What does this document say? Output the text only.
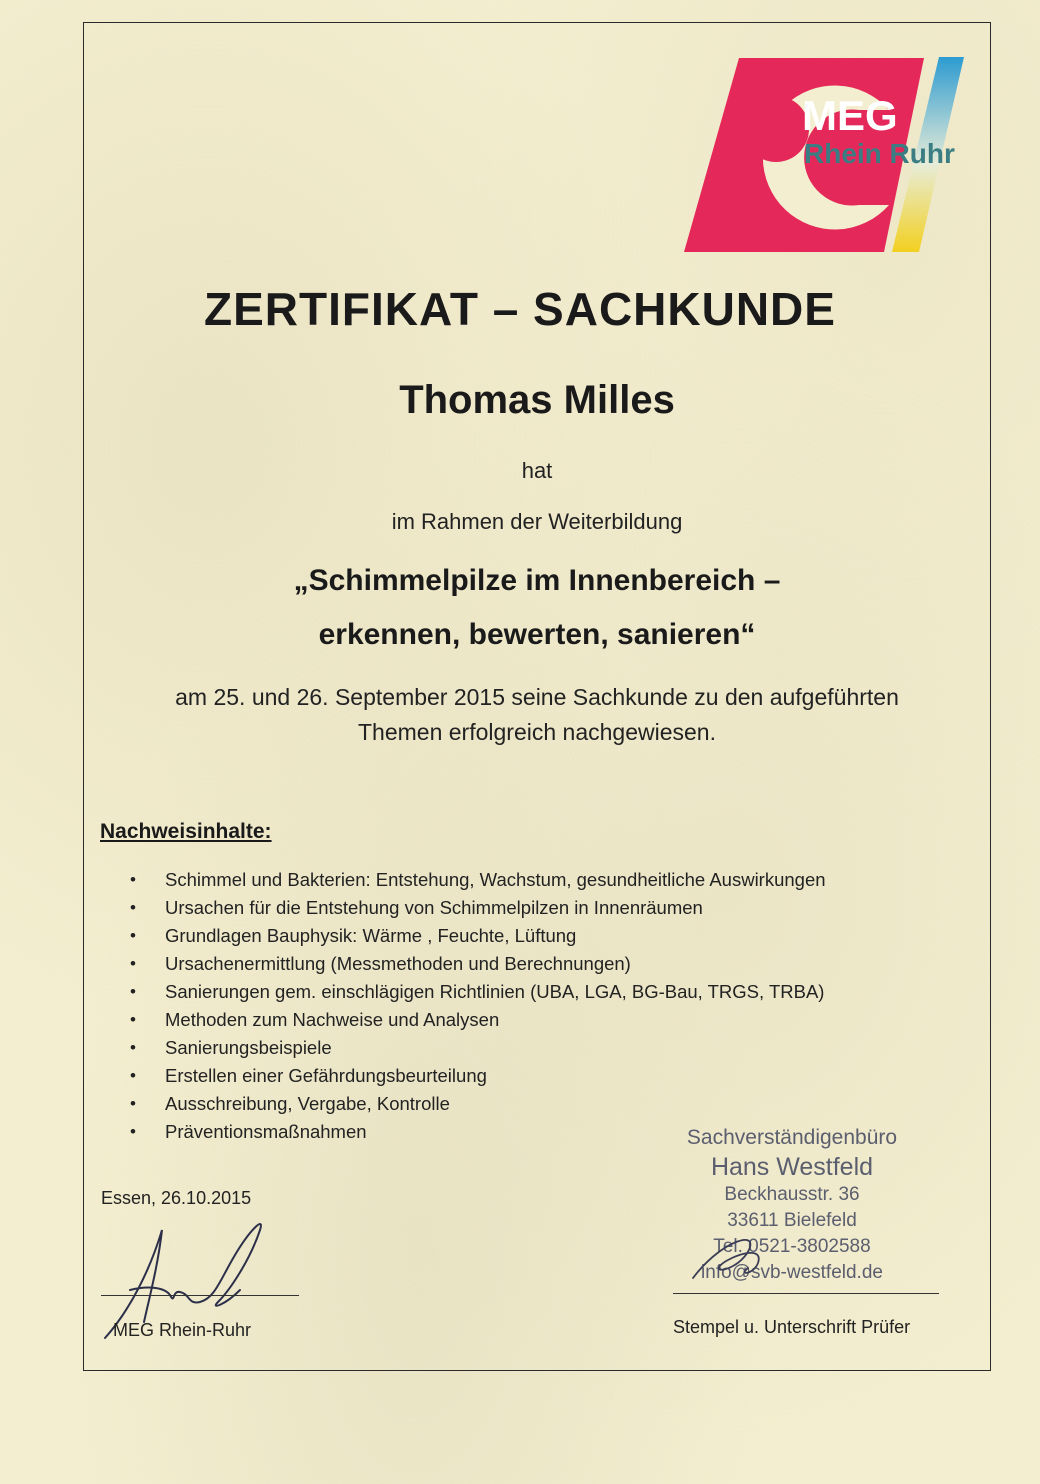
MEG
Rhein Ruhr
ZERTIFIKAT – SACHKUNDE
Thomas Milles
hat
im Rahmen der Weiterbildung
„Schimmelpilze im Innenbereich –
erkennen, bewerten, sanieren“
am 25. und 26. September 2015 seine Sachkunde zu den aufgeführten
Themen erfolgreich nachgewiesen.
Nachweisinhalte:
• Schimmel und Bakterien: Entstehung, Wachstum, gesundheitliche Auswirkungen
• Ursachen für die Entstehung von Schimmelpilzen in Innenräumen
• Grundlagen Bauphysik: Wärme , Feuchte, Lüftung
• Ursachenermittlung (Messmethoden und Berechnungen)
• Sanierungen gem. einschlägigen Richtlinien (UBA, LGA, BG-Bau, TRGS, TRBA)
• Methoden zum Nachweise und Analysen
• Sanierungsbeispiele
• Erstellen einer Gefährdungsbeurteilung
• Ausschreibung, Vergabe, Kontrolle
• Präventionsmaßnahmen
Essen, 26.10.2015
MEG Rhein-Ruhr
Sachverständigenbüro
Hans Westfeld
Beckhausstr. 36
33611 Bielefeld
Tel. 0521-3802588
info@svb-westfeld.de
Stempel u. Unterschrift Prüfer
